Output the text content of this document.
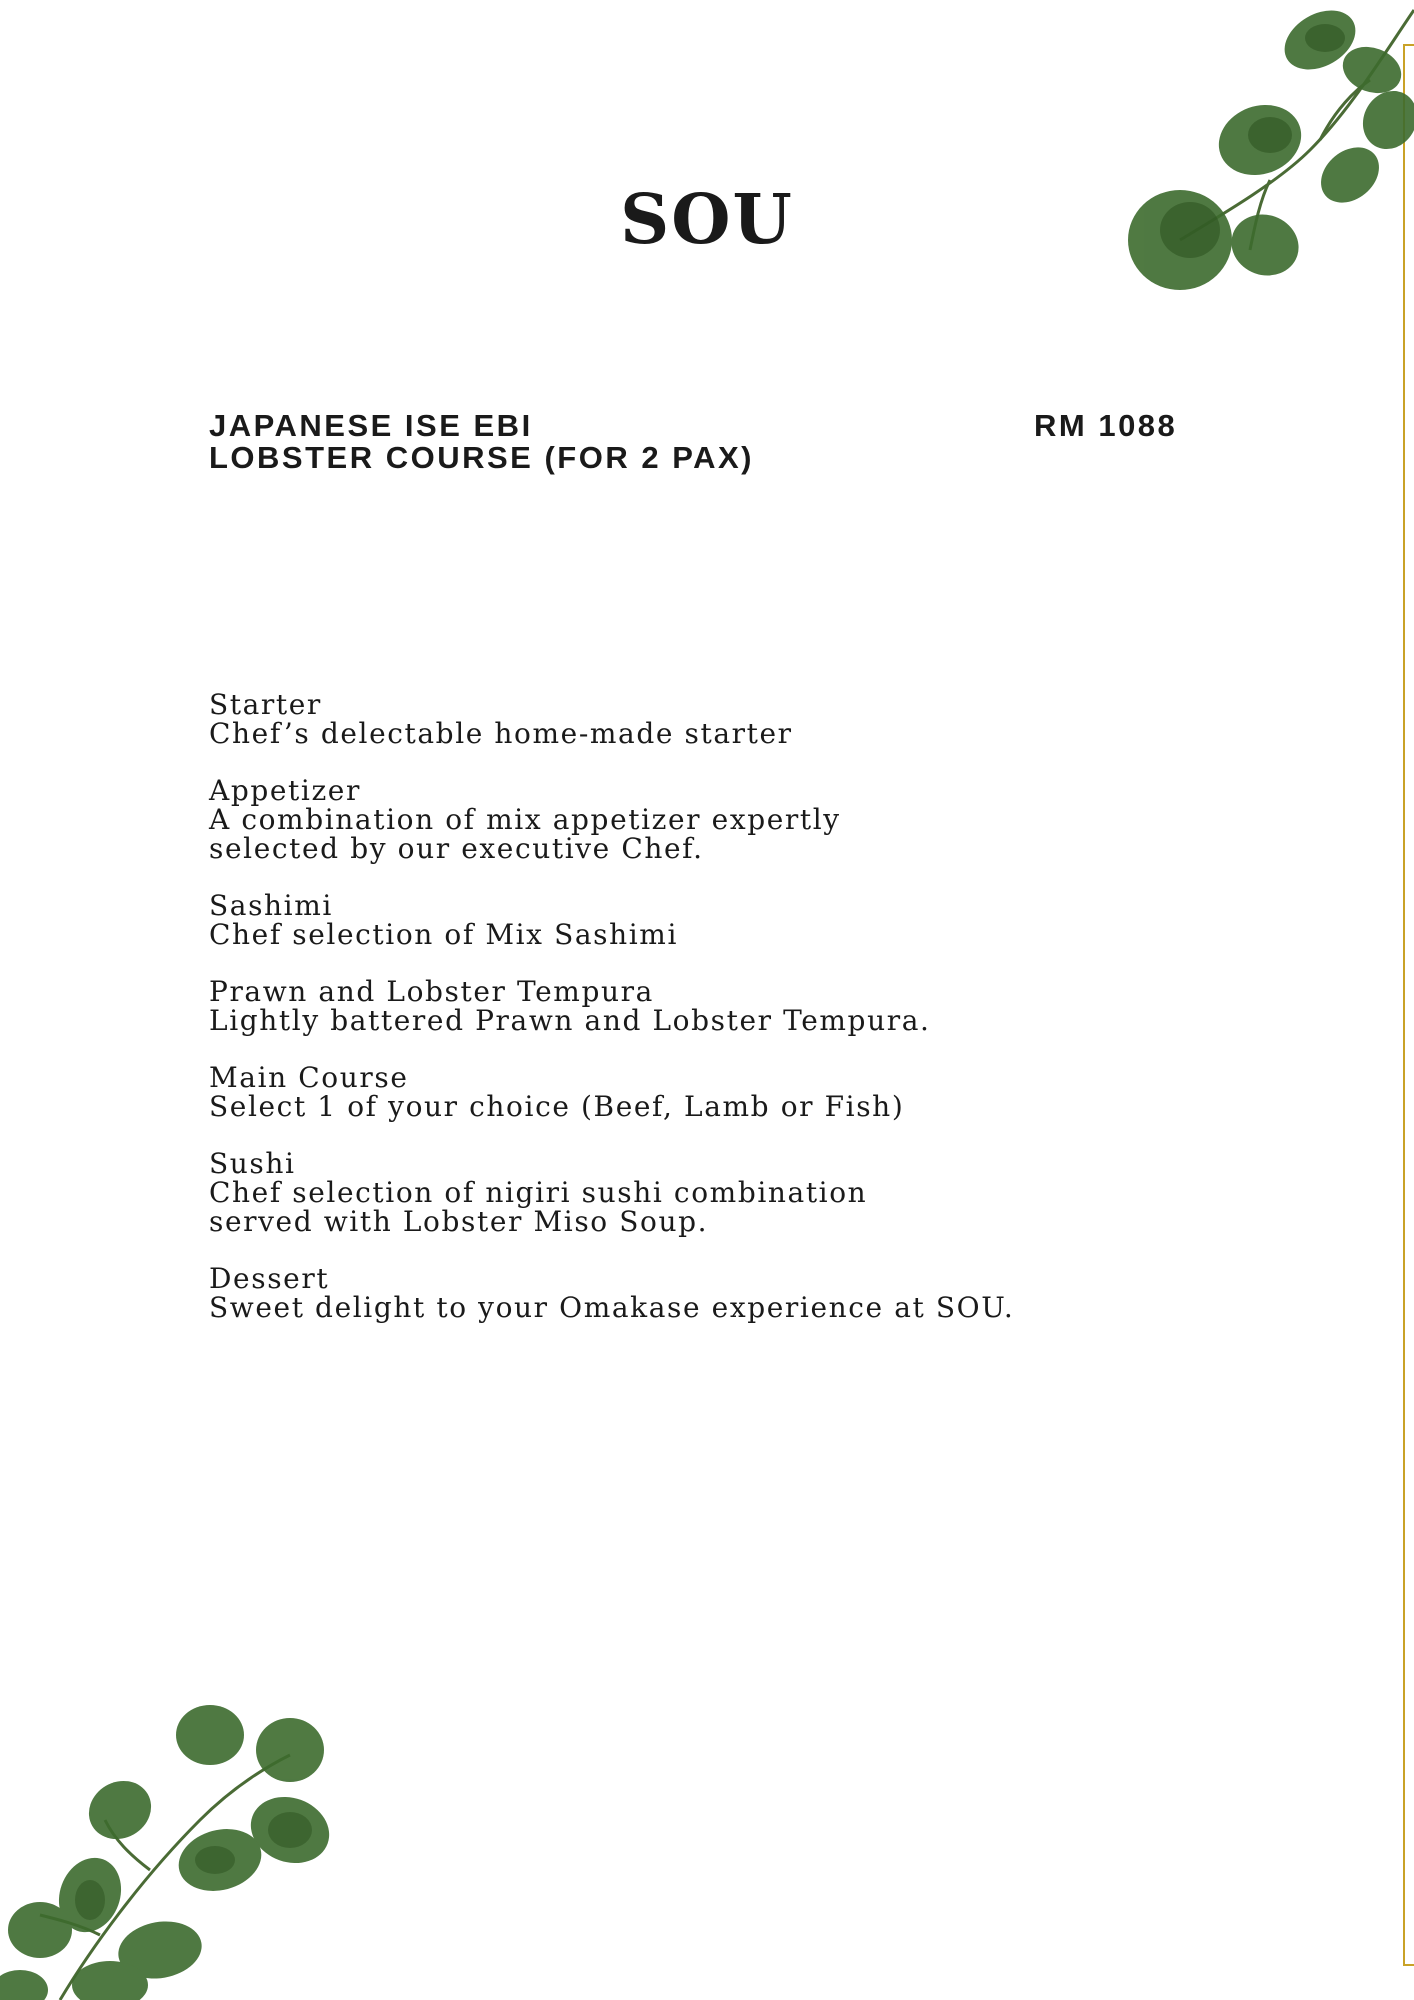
SOU
JAPANESE ISE EBI
LOBSTER COURSE (FOR 2 PAX)
RM 1088
Starter
Chef’s delectable home-made starter
Appetizer
A combination of mix appetizer expertly
selected by our executive Chef.
Sashimi
Chef selection of Mix Sashimi
Prawn and Lobster Tempura
Lightly battered Prawn and Lobster Tempura.
Main Course
Select 1 of your choice (Beef, Lamb or Fish)
Sushi
Chef selection of nigiri sushi combination
served with Lobster Miso Soup.
Dessert
Sweet delight to your Omakase experience at SOU.
